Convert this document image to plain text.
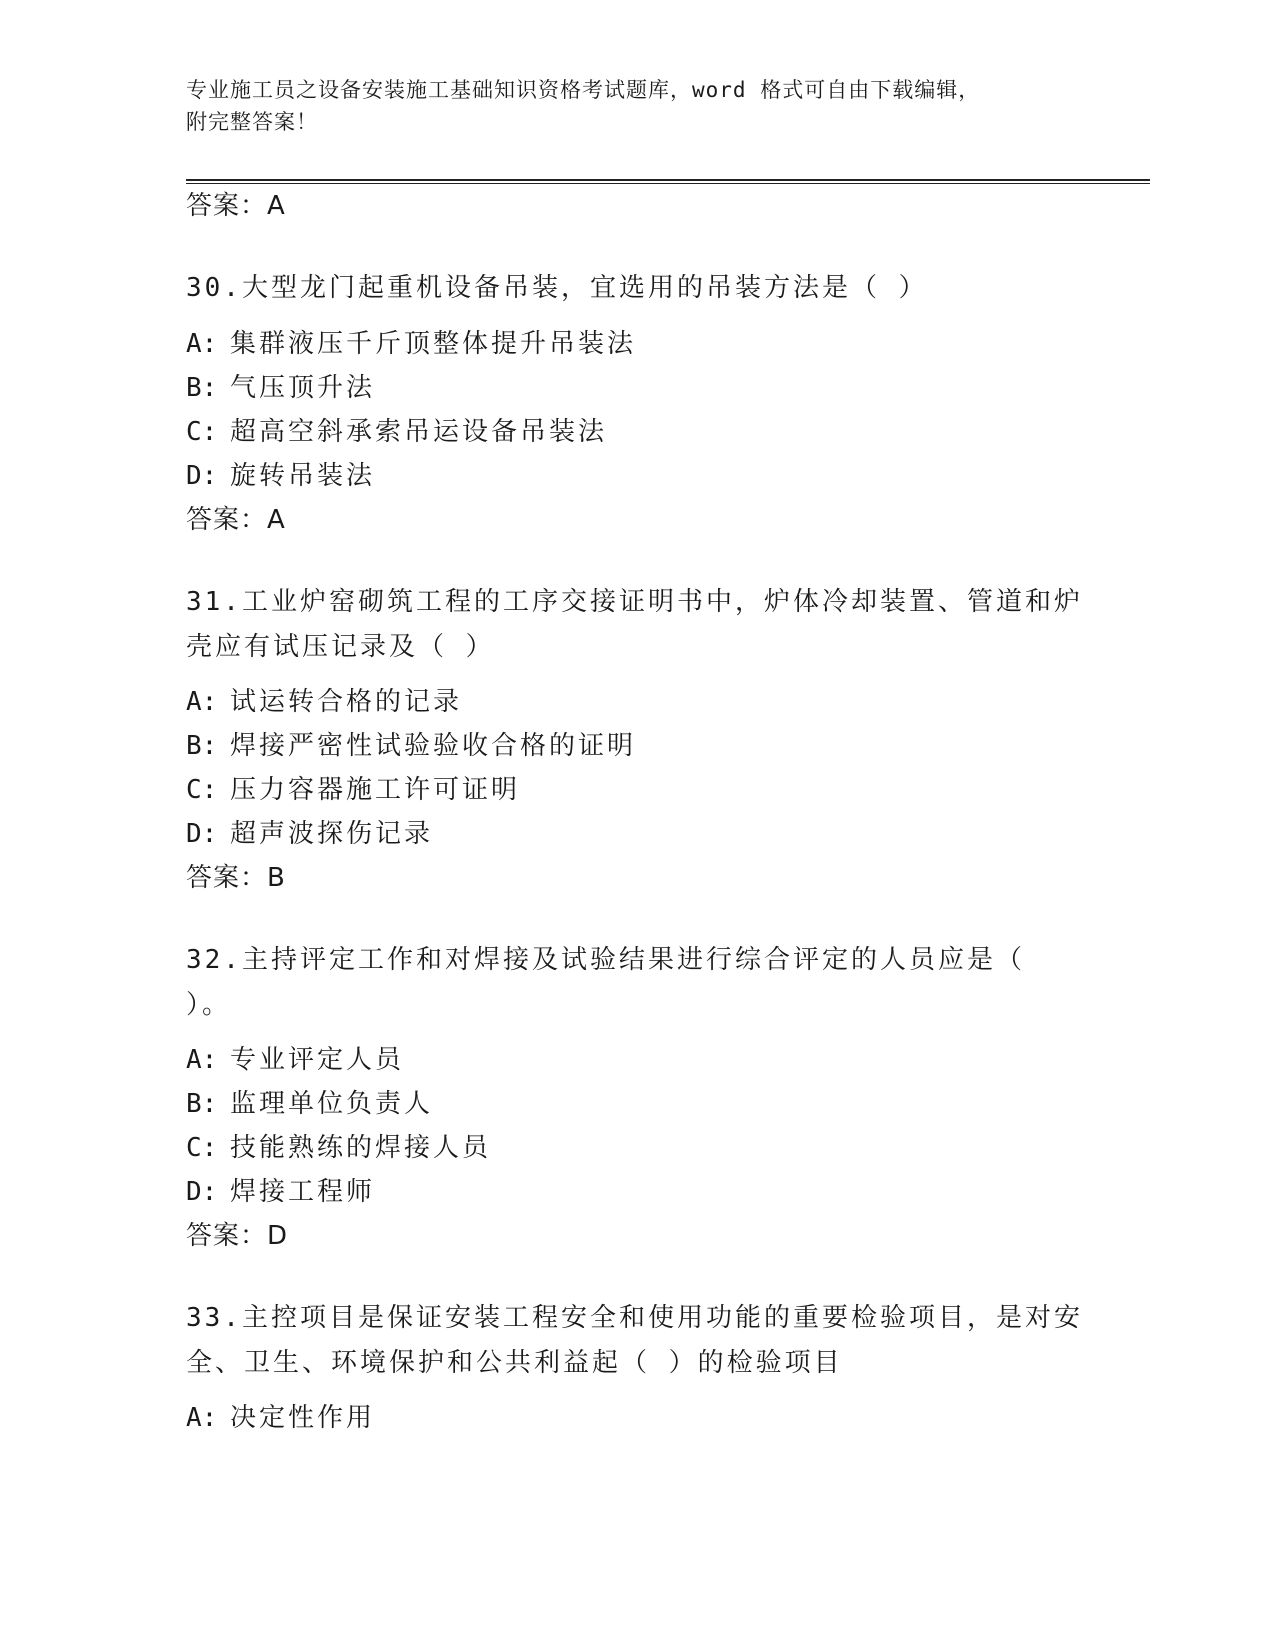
专业施工员之设备安装施工基础知识资格考试题库，word 格式可自由下载编辑，
附完整答案！
答案：A
30.大型龙门起重机设备吊装，宜选用的吊装方法是（ ）
A: 集群液压千斤顶整体提升吊装法
B: 气压顶升法
C: 超高空斜承索吊运设备吊装法
D: 旋转吊装法
答案：A
31.工业炉窑砌筑工程的工序交接证明书中，炉体冷却装置、管道和炉壳应有试压记录及（ ）
A: 试运转合格的记录
B: 焊接严密性试验验收合格的证明
C: 压力容器施工许可证明
D: 超声波探伤记录
答案：B
32.主持评定工作和对焊接及试验结果进行综合评定的人员应是（ ）。
A: 专业评定人员
B: 监理单位负责人
C: 技能熟练的焊接人员
D: 焊接工程师
答案：D
33.主控项目是保证安装工程安全和使用功能的重要检验项目，是对安全、卫生、环境保护和公共利益起（ ）的检验项目
A: 决定性作用
